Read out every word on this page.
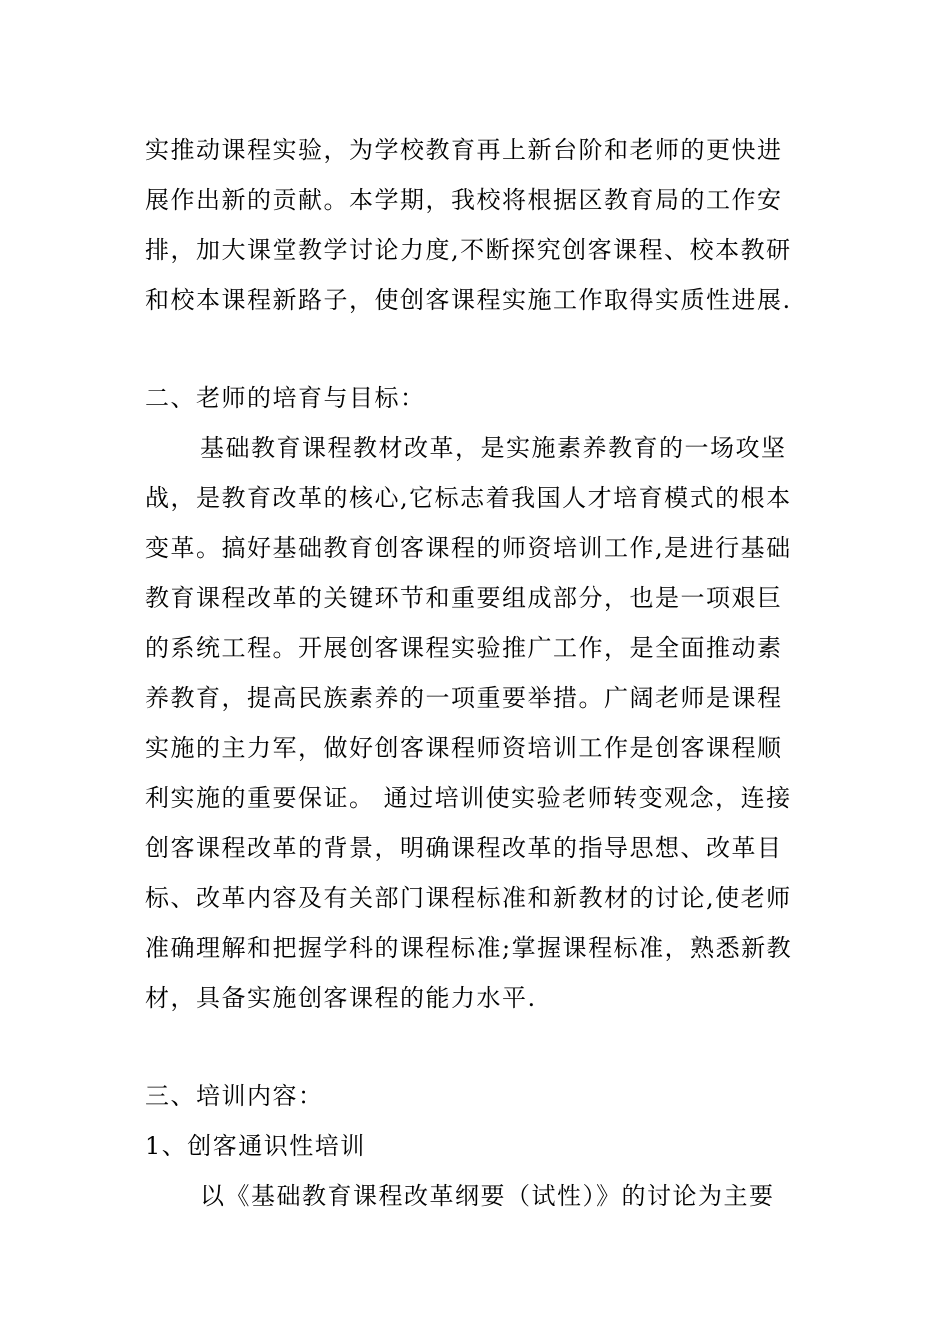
实推动课程实验，为学校教育再上新台阶和老师的更快进
展作出新的贡献。本学期，我校将根据区教育局的工作安
排，加大课堂教学讨论力度,不断探究创客课程、校本教研
和校本课程新路子，使创客课程实施工作取得实质性进展.
二、老师的培育与目标：
基础教育课程教材改革，是实施素养教育的一场攻坚
战，是教育改革的核心,它标志着我国人才培育模式的根本
变革。搞好基础教育创客课程的师资培训工作,是进行基础
教育课程改革的关键环节和重要组成部分，也是一项艰巨
的系统工程。开展创客课程实验推广工作，是全面推动素
养教育，提高民族素养的一项重要举措。广阔老师是课程
实施的主力军，做好创客课程师资培训工作是创客课程顺
利实施的重要保证。 通过培训使实验老师转变观念，连接
创客课程改革的背景，明确课程改革的指导思想、改革目
标、改革内容及有关部门课程标准和新教材的讨论,使老师
准确理解和把握学科的课程标准;掌握课程标准，熟悉新教
材，具备实施创客课程的能力水平.
三、培训内容：
1、创客通识性培训
以《基础教育课程改革纲要（试性）》的讨论为主要
